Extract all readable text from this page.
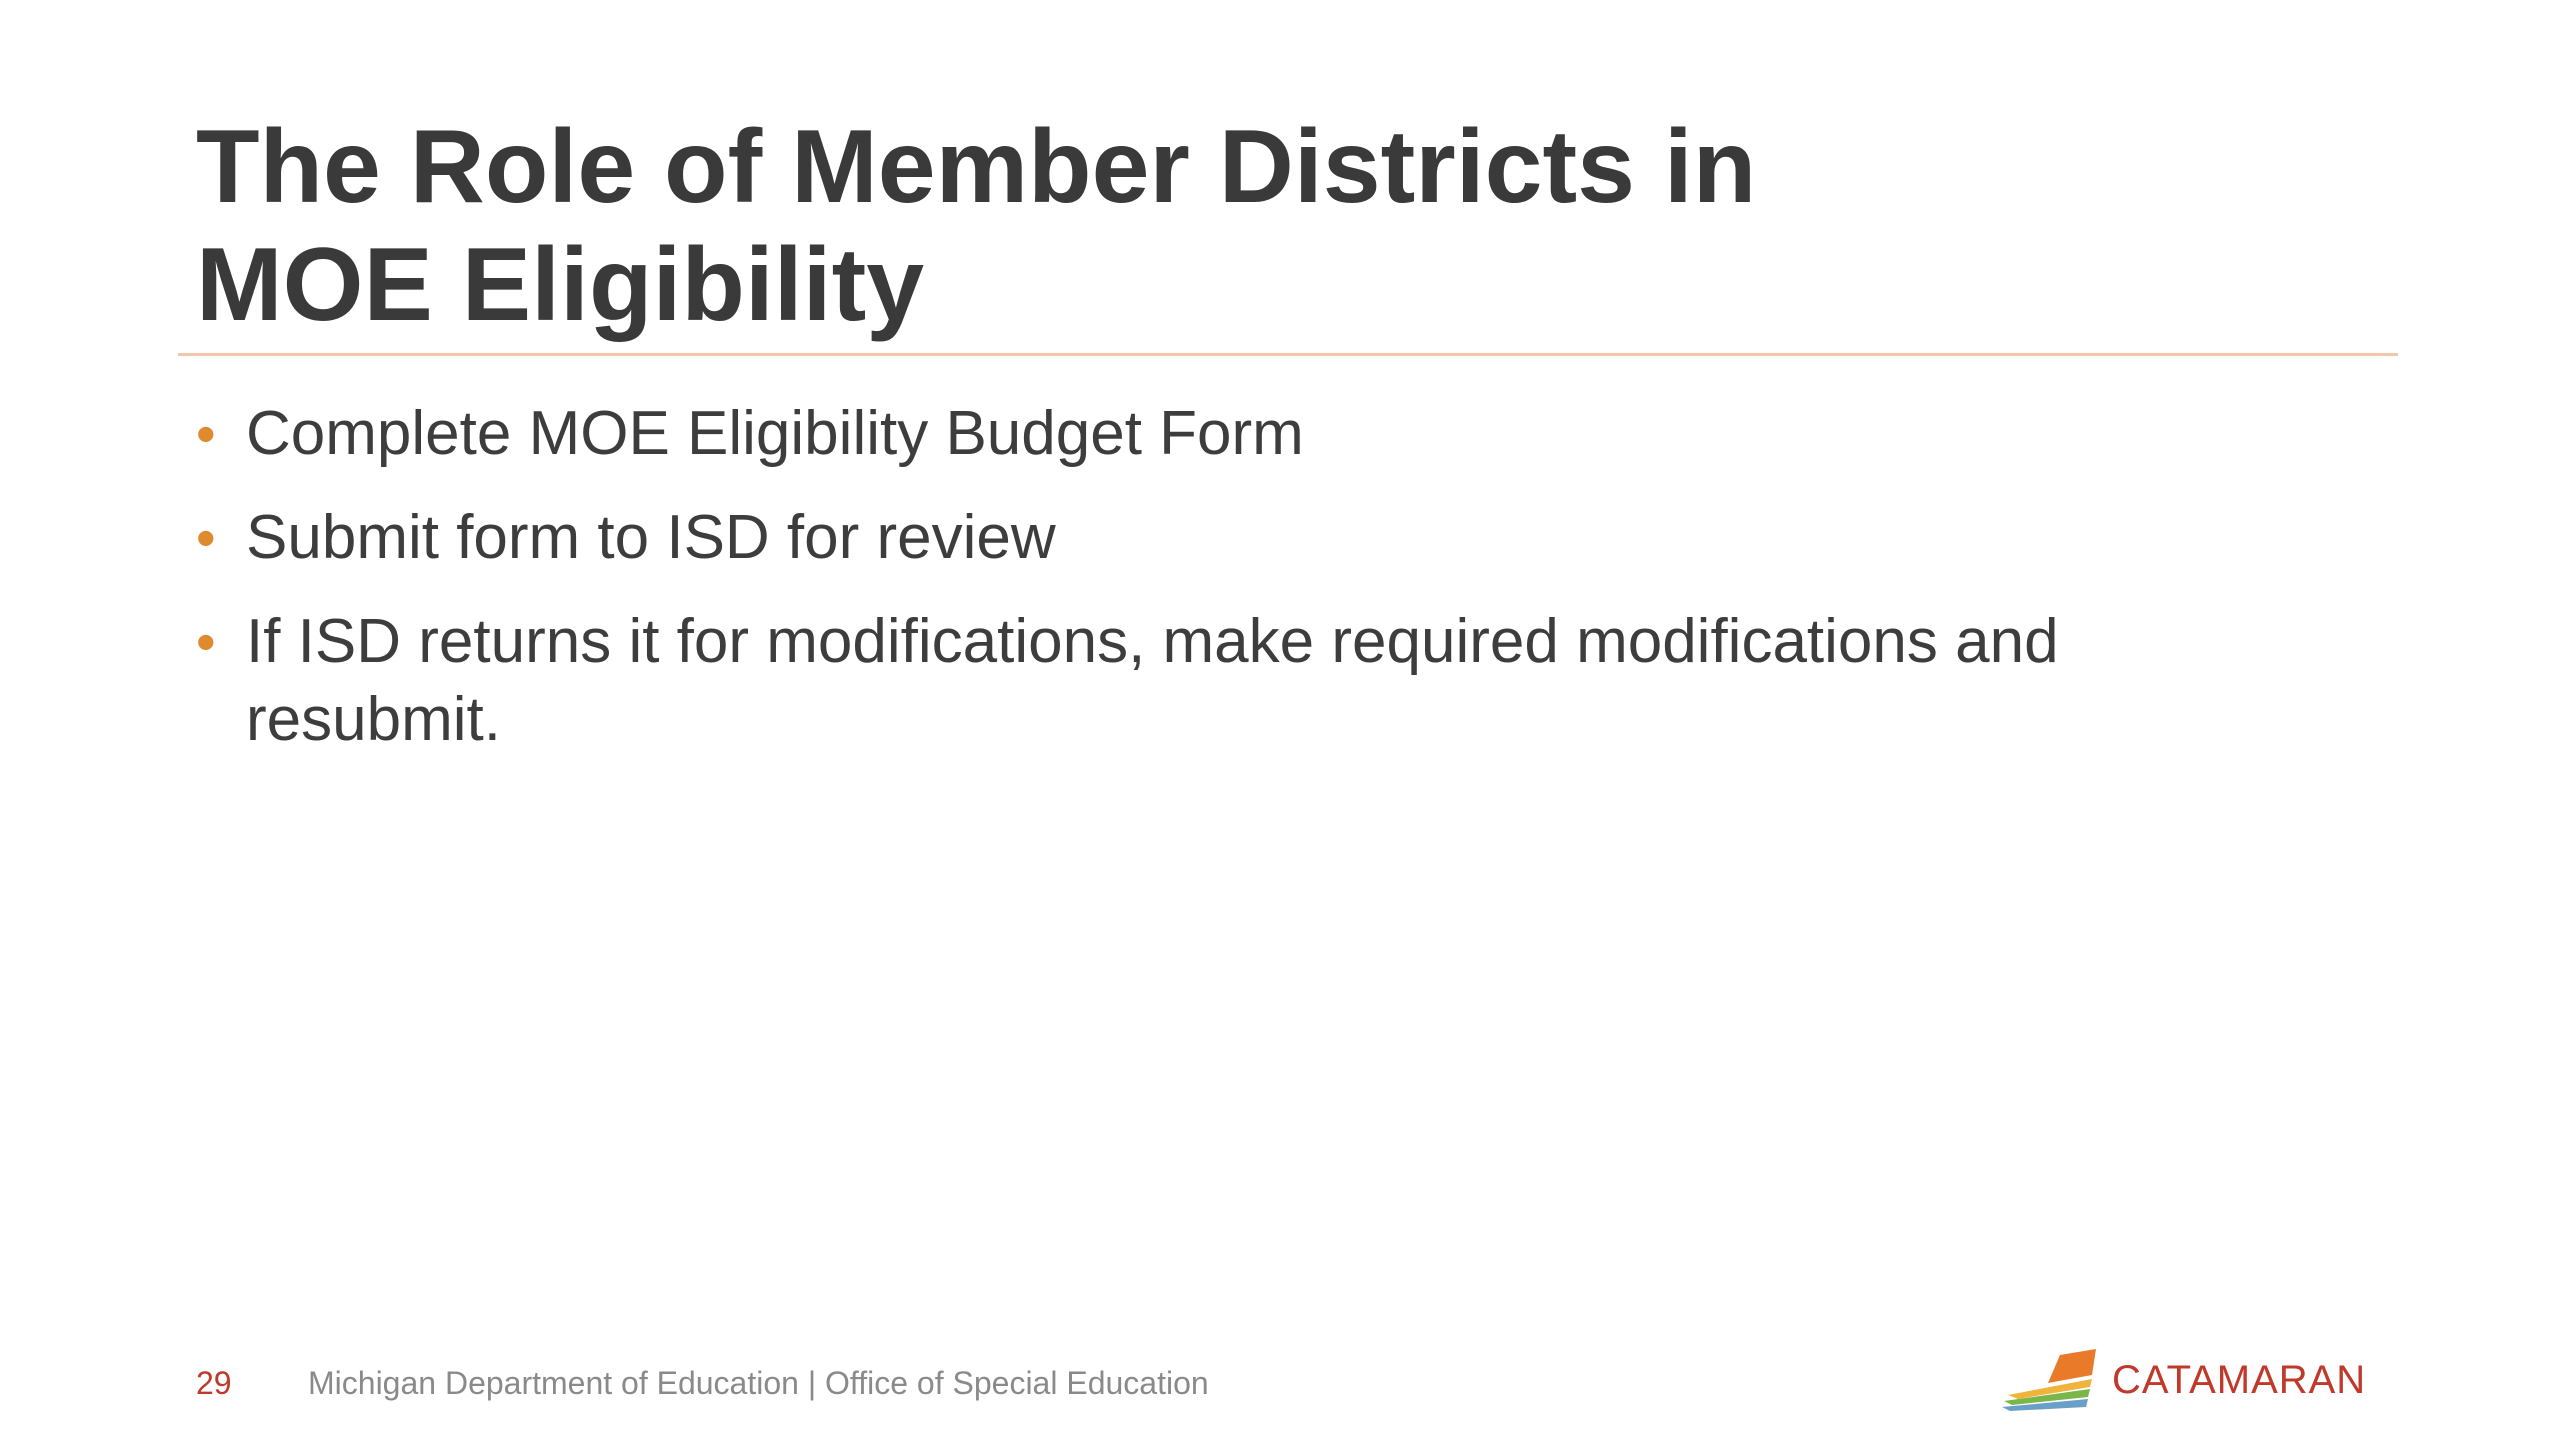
The Role of Member Districts in
MOE Eligibility
• Complete MOE Eligibility Budget Form
• Submit form to ISD for review
• If ISD returns it for modifications, make required modifications and resubmit.
29 Michigan Department of Education | Office of Special Education	CATAMARAN
